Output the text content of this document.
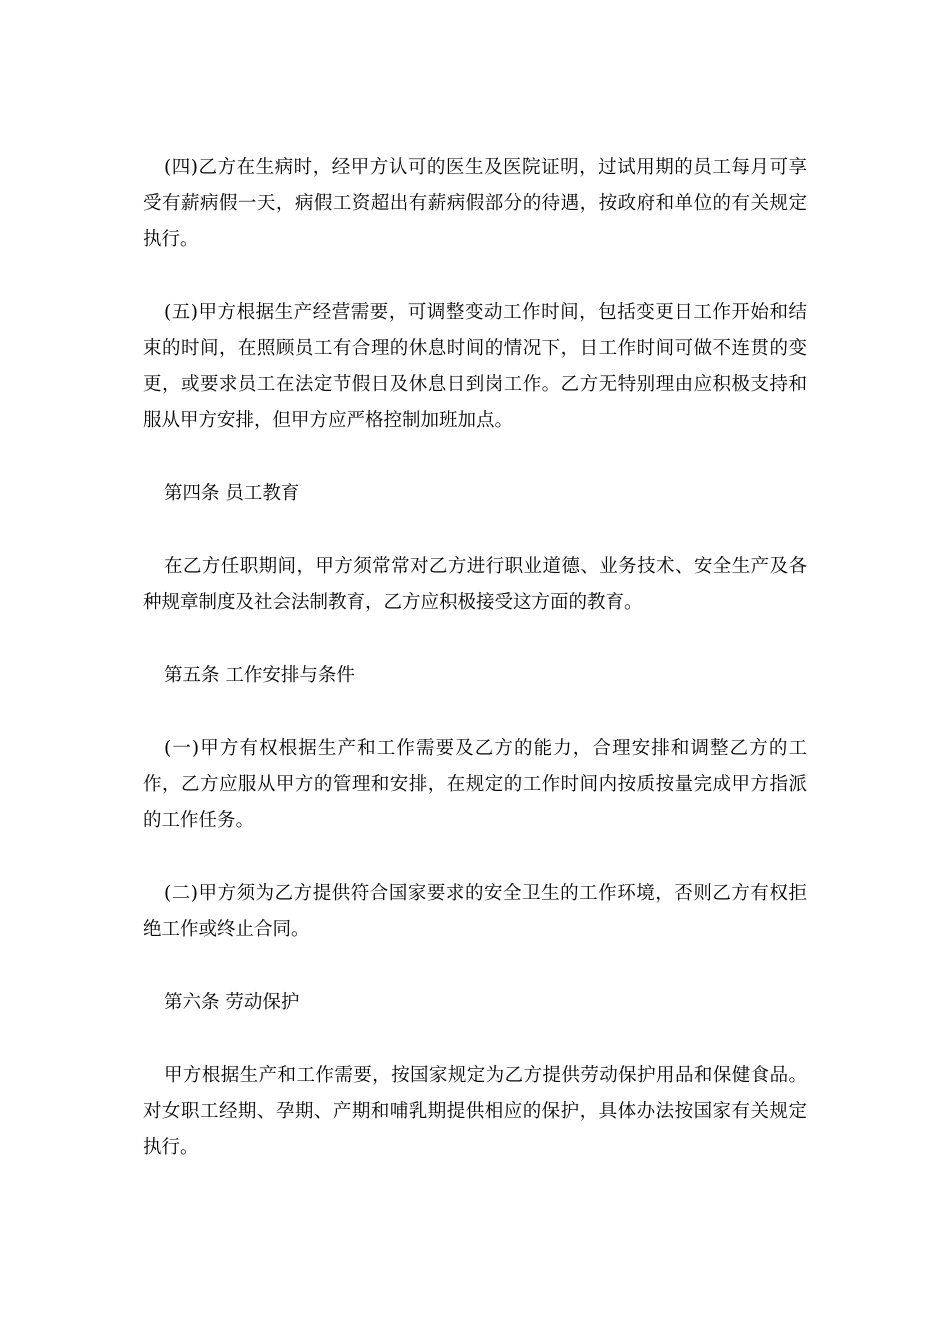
(四)乙方在生病时，经甲方认可的医生及医院证明，过试用期的员工每月可享受有薪病假一天，病假工资超出有薪病假部分的待遇，按政府和单位的有关规定执行。

(五)甲方根据生产经营需要，可调整变动工作时间，包括变更日工作开始和结束的时间，在照顾员工有合理的休息时间的情况下，日工作时间可做不连贯的变更，或要求员工在法定节假日及休息日到岗工作。乙方无特别理由应积极支持和服从甲方安排，但甲方应严格控制加班加点。

第四条 员工教育

在乙方任职期间，甲方须常常对乙方进行职业道德、业务技术、安全生产及各种规章制度及社会法制教育，乙方应积极接受这方面的教育。

第五条 工作安排与条件

(一)甲方有权根据生产和工作需要及乙方的能力，合理安排和调整乙方的工作，乙方应服从甲方的管理和安排，在规定的工作时间内按质按量完成甲方指派的工作任务。

(二)甲方须为乙方提供符合国家要求的安全卫生的工作环境，否则乙方有权拒绝工作或终止合同。

第六条 劳动保护

甲方根据生产和工作需要，按国家规定为乙方提供劳动保护用品和保健食品。对女职工经期、孕期、产期和哺乳期提供相应的保护，具体办法按国家有关规定执行。
